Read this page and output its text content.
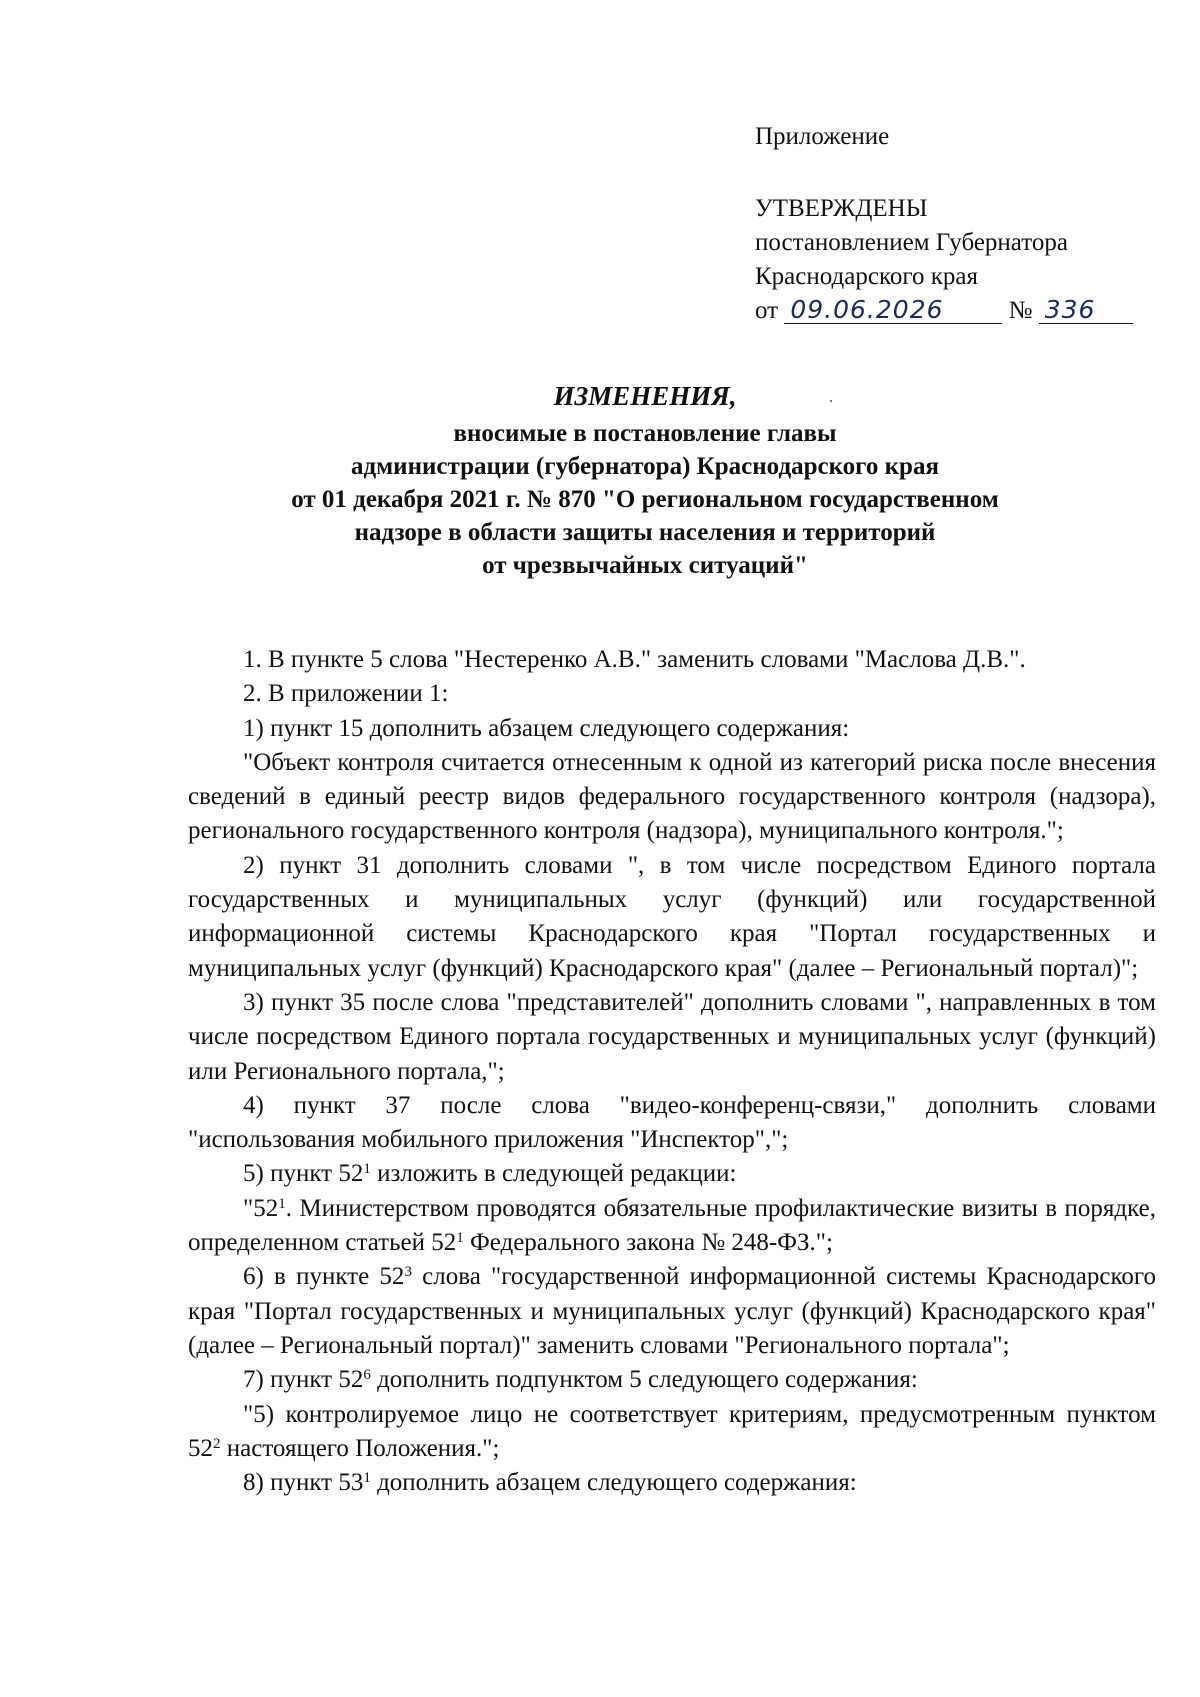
Приложение
УТВЕРЖДЕНЫ
постановлением Губернатора
Краснодарского края
от 09.06.2026	№ 336
ИЗМЕНЕНИЯ,
вносимые в постановление главы
администрации (губернатора) Краснодарского края
от 01 декабря 2021 г. № 870 "О региональном государственном
надзоре в области защиты населения и территорий
от чрезвычайных ситуаций"

1. В пункте 5 слова "Нестеренко А.В." заменить словами "Маслова Д.В.".

2. В приложении 1:

1) пункт 15 дополнить абзацем следующего содержания:

"Объект контроля считается отнесенным к одной из категорий риска после внесения сведений в единый реестр видов федерального государственного контроля (надзора), регионального государственного контроля (надзора), муниципального контроля.";

2) пункт 31 дополнить словами ", в том числе посредством Единого портала государственных и муниципальных услуг (функций) или государственной информационной системы Краснодарского края "Портал государственных и муниципальных услуг (функций) Краснодарского края" (далее – Региональный портал)";

3) пункт 35 после слова "представителей" дополнить словами ", направленных в том числе посредством Единого портала государственных и муниципальных услуг (функций) или Регионального портала,";

4) пункт 37 после слова "видео-конференц-связи," дополнить словами "использования мобильного приложения "Инспектор",";

5) пункт $52^1$ изложить в следующей редакции:

"$52^1$. Министерством проводятся обязательные профилактические визиты в порядке, определенном статьей $52^1$ Федерального закона № 248-ФЗ.";

6) в пункте $52^3$ слова "государственной информационной системы Краснодарского края "Портал государственных и муниципальных услуг (функций) Краснодарского края" (далее – Региональный портал)" заменить словами "Регионального портала";

7) пункт $52^6$ дополнить подпунктом 5 следующего содержания:

"5) контролируемое лицо не соответствует критериям, предусмотренным пунктом $52^2$ настоящего Положения.";

8) пункт $53^1$ дополнить абзацем следующего содержания:
